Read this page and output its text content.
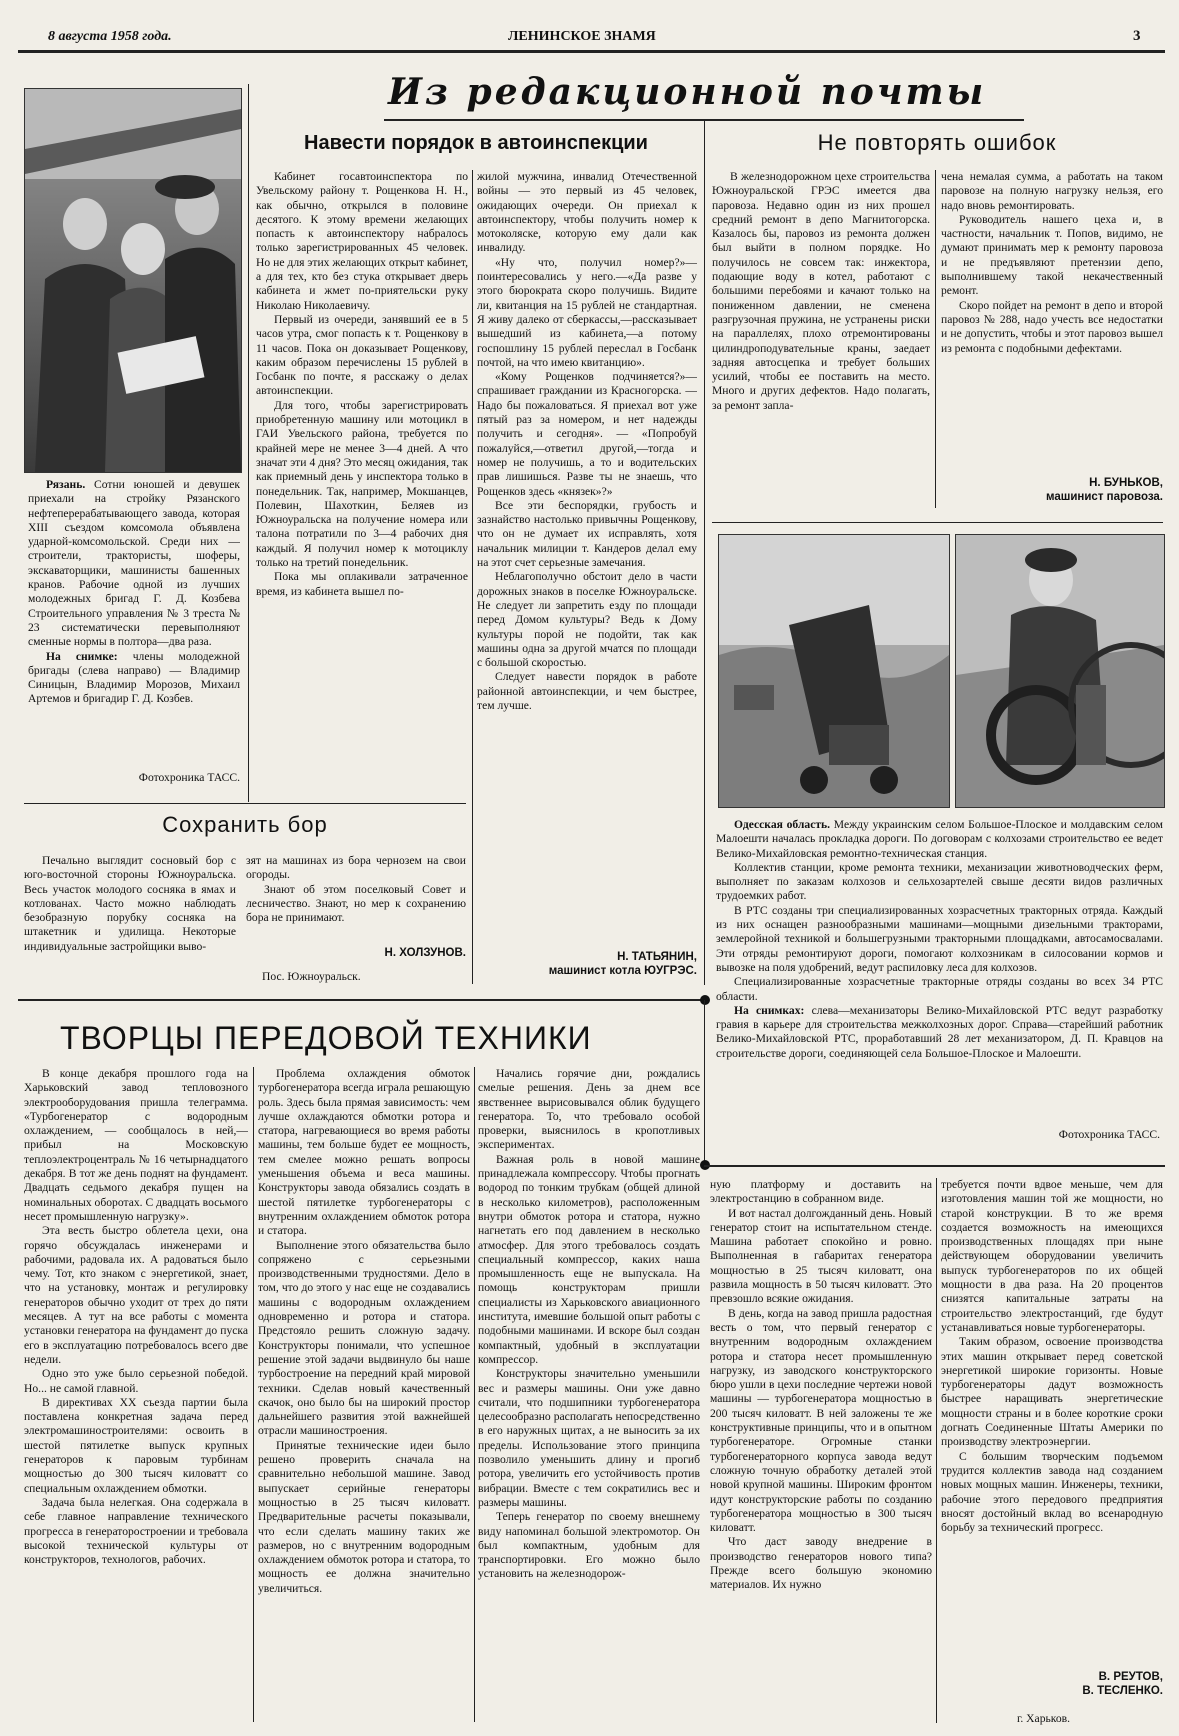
8 августа 1958 года.	ЛЕНИНСКОЕ ЗНАМЯ	3
Из редакционной почты

Рязань. Сотни юношей и девушек приехали на стройку Рязанского нефтеперерабатывающего завода, которая XIII съездом комсомола объявлена ударной-комсомольской. Среди них — строители, трактористы, шоферы, экскаваторщики, машинисты башенных кранов. Рабочие одной из лучших молодежных бригад Г. Д. Козбева Строительного управления № 3 треста № 23 систематически перевыполняют сменные нормы в полтора—два раза.

На снимке: члены молодежной бригады (слева направо) — Владимир Синицын, Владимир Морозов, Михаил Артемов и бригадир Г. Д. Козбев.

Фотохроника ТАСС.
Навести порядок в автоинспекции

Кабинет госавтоинспектора по Увельскому району т. Рощенкова Н. Н., как обычно, открылся в половине десятого. К этому времени желающих попасть к автоинспектору набралось только зарегистрированных 45 человек. Но не для этих желающих открыт кабинет, а для тех, кто без стука открывает дверь кабинета и жмет по-приятельски руку Николаю Николаевичу.

Первый из очереди, занявший ее в 5 часов утра, смог попасть к т. Рощенкову в 11 часов. Пока он доказывает Рощенкову, каким образом перечислены 15 рублей в Госбанк по почте, я расскажу о делах автоинспекции.

Для того, чтобы зарегистрировать приобретенную машину или мотоцикл в ГАИ Увельского района, требуется по крайней мере не менее 3—4 дней. А что значат эти 4 дня? Это месяц ожидания, так как приемный день у инспектора только в понедельник. Так, например, Мокшанцев, Полевин, Шахоткин, Беляев из Южноуральска на получение номера или талона потратили по 3—4 рабочих дня каждый. Я получил номер к мотоциклу только на третий понедельник.

Пока мы оплакивали затраченное время, из кабинета вышел по-

жилой мужчина, инвалид Отечественной войны — это первый из 45 человек, ожидающих очереди. Он приехал к автоинспектору, чтобы получить номер к мотоколяске, которую ему дали как инвалиду.

«Ну что, получил номер?»—поинтересовались у него.—«Да разве у этого бюрократа скоро получишь. Видите ли, квитанция на 15 рублей не стандартная. Я живу далеко от сберкассы,—рассказывает вышедший из кабинета,—а потому госпошлину 15 рублей переслал в Госбанк почтой, на что имею квитанцию».

«Кому Рощенков подчиняется?»—спрашивает граждании из Красногорска. — Надо бы пожаловаться. Я приехал вот уже пятый раз за номером, и нет надежды получить и сегодня». — «Попробуй пожалуйся,—ответил другой,—тогда и номер не получишь, а то и водительских прав лишишься. Разве ты не знаешь, что Рощенков здесь «князек»?»

Все эти беспорядки, грубость и зазнайство настолько привычны Рощенкову, что он не думает их исправлять, хотя начальник милиции т. Кандеров делал ему на этот счет серьезные замечания.

Неблагополучно обстоит дело в части дорожных знаков в поселке Южноуральске. Не следует ли запретить езду по площади перед Домом культуры? Ведь к Дому культуры порой не подойти, так как машины одна за другой мчатся по площади с большой скоростью.

Следует навести порядок в работе районной автоинспекции, и чем быстрее, тем лучше.

Н. ТАТЬЯНИН,
машинист котла ЮУГРЭС.
Сохранить бор

Печально выглядит сосновый бор с юго-восточной стороны Южноуральска. Весь участок молодого сосняка в ямах и котлованах. Часто можно наблюдать безобразную порубку сосняка на штакетник и удилища. Некоторые индивидуальные застройщики выво-

зят на машинах из бора чернозем на свои огороды.

Знают об этом поселковый Совет и лесничество. Знают, но мер к сохранению бора не принимают.

Н. ХОЛЗУНОВ.
Пос. Южноуральск.
Не повторять ошибок

В железнодорожном цехе строительства Южноуральской ГРЭС имеется два паровоза. Недавно один из них прошел средний ремонт в депо Магнитогорска. Казалось бы, паровоз из ремонта должен был выйти в полном порядке. Но получилось не совсем так: инжектора, подающие воду в котел, работают с большими перебоями и качают только на пониженном давлении, не сменена разгрузочная пружина, не устранены риски на параллелях, плохо отремонтированы цилиндроподувательные краны, заедает задняя автосцепка и требует больших усилий, чтобы ее поставить на место. Много и других дефектов. Надо полагать, за ремонт запла-

чена немалая сумма, а работать на таком паровозе на полную нагрузку нельзя, его надо вновь ремонтировать.

Руководитель нашего цеха и, в частности, начальник т. Попов, видимо, не думают принимать мер к ремонту паровоза и не предъявляют претензии депо, выполнившему такой некачественный ремонт.

Скоро пойдет на ремонт в депо и второй паровоз № 288, надо учесть все недостатки и не допустить, чтобы и этот паровоз вышел из ремонта с подобными дефектами.

Н. БУНЬКОВ,
машинист паровоза.

Одесская область. Между украинским селом Большое-Плоское и молдавским селом Малоешти началась прокладка дороги. По договорам с колхозами строительство ее ведет Велико-Михайловская ремонтно-техническая станция.

Коллектив станции, кроме ремонта техники, механизации животноводческих ферм, выполняет по заказам колхозов и сельхозартелей свыше десяти видов различных трудоемких работ.

В РТС созданы три специализированных хозрасчетных тракторных отряда. Каждый из них оснащен разнообразными машинами—мощными дизельными тракторами, землеройной техникой и большегрузными тракторными площадками, автосамосвалами. Эти отряды ремонтируют дороги, помогают колхозникам в силосовании кормов и вывозке на поля удобрений, ведут распиловку леса для колхозов.

Специализированные хозрасчетные тракторные отряды созданы во всех 34 РТС области.

На снимках: слева—механизаторы Велико-Михайловской РТС ведут разработку гравия в карьере для строительства межколхозных дорог. Справа—старейший работник Велико-Михайловской РТС, проработавший 28 лет механизатором, Д. П. Кравцов на строительстве дороги, соединяющей села Большое-Плоское и Малоешти.

Фотохроника ТАСС.
ТВОРЦЫ ПЕРЕДОВОЙ ТЕХНИКИ

В конце декабря прошлого года на Харьковский завод тепловозного электрооборудования пришла телеграмма. «Турбогенератор с водородным охлаждением, — сообщалось в ней,— прибыл на Московскую теплоэлектроцентраль № 16 четырнадцатого декабря. В тот же день поднят на фундамент. Двадцать седьмого декабря пущен на номинальных оборотах. С двадцать восьмого несет промышленную нагрузку».

Эта весть быстро облетела цехи, она горячо обсуждалась инженерами и рабочими, радовала их. А радоваться было чему. Тот, кто знаком с энергетикой, знает, что на установку, монтаж и регулировку генераторов обычно уходит от трех до пяти месяцев. А тут на все работы с момента установки генератора на фундамент до пуска его в эксплуатацию потребовалось всего две недели.

Одно это уже было серьезной победой. Но... не самой главной.

В директивах XX съезда партии была поставлена конкретная задача перед электромашиностроителями: освоить в шестой пятилетке выпуск крупных генераторов к паровым турбинам мощностью до 300 тысяч киловатт со специальным охлаждением обмотки.

Задача была нелегкая. Она содержала в себе главное направление технического прогресса в генераторостроении и требовала высокой технической культуры от конструкторов, технологов, рабочих.

Проблема охлаждения обмоток турбогенератора всегда играла решающую роль. Здесь была прямая зависимость: чем лучше охлаждаются обмотки ротора и статора, нагревающиеся во время работы машины, тем больше будет ее мощность, тем смелее можно решать вопросы уменьшения объема и веса машины. Конструкторы завода обязались создать в шестой пятилетке турбогенераторы с внутренним охлаждением обмоток ротора и статора.

Выполнение этого обязательства было сопряжено с серьезными производственными трудностями. Дело в том, что до этого у нас еще не создавались машины с водородным охлаждением одновременно и ротора и статора. Предстояло решить сложную задачу. Конструкторы понимали, что успешное решение этой задачи выдвинуло бы наше турбостроение на передний край мировой техники. Сделав новый качественный скачок, оно было бы на широкий простор дальнейшего развития этой важнейшей отрасли машиностроения.

Принятые технические идеи было решено проверить сначала на сравнительно небольшой машине. Завод выпускает серийные генераторы мощностью в 25 тысяч киловатт. Предварительные расчеты показывали, что если сделать машину таких же размеров, но с внутренним водородным охлаждением обмоток ротора и статора, то мощность ее должна значительно увеличиться.

Начались горячие дни, рождались смелые решения. День за днем все явственнее вырисовывался облик будущего генератора. То, что требовало особой проверки, выяснилось в кропотливых экспериментах.

Важная роль в новой машине принадлежала компрессору. Чтобы прогнать водород по тонким трубкам (общей длиной в несколько километров), расположенным внутри обмоток ротора и статора, нужно нагнетать его под давлением в несколько атмосфер. Для этого требовалось создать специальный компрессор, каких наша промышленность еще не выпускала. На помощь конструкторам пришли специалисты из Харьковского авиационного института, имевшие большой опыт работы с подобными машинами. И вскоре был создан компактный, удобный в эксплуатации компрессор.

Конструкторы значительно уменьшили вес и размеры машины. Они уже давно считали, что подшипники турбогенератора целесообразно располагать непосредственно в его наружных щитах, а не выносить за их пределы. Использование этого принципа позволило уменьшить длину и прогиб ротора, увеличить его устойчивость против вибрации. Вместе с тем сократились вес и размеры машины.

Теперь генератор по своему внешнему виду напоминал большой электромотор. Он был компактным, удобным для транспортировки. Его можно было установить на железнодорож-

ную платформу и доставить на электростанцию в собранном виде.

И вот настал долгожданный день. Новый генератор стоит на испытательном стенде. Машина работает спокойно и ровно. Выполненная в габаритах генератора мощностью в 25 тысяч киловатт, она развила мощность в 50 тысяч киловатт. Это превзошло всякие ожидания.

В день, когда на завод пришла радостная весть о том, что первый генератор с внутренним водородным охлаждением ротора и статора несет промышленную нагрузку, из заводского конструкторского бюро ушли в цехи последние чертежи новой машины — турбогенератора мощностью в 200 тысяч киловатт. В ней заложены те же конструктивные принципы, что и в опытном турбогенераторе. Огромные станки турбогенераторного корпуса завода ведут сложную точную обработку деталей этой новой крупной машины. Широким фронтом идут конструкторские работы по созданию турбогенератора мощностью в 300 тысяч киловатт.

Что даст заводу внедрение в производство генераторов нового типа? Прежде всего большую экономию материалов. Их нужно

требуется почти вдвое меньше, чем для изготовления машин той же мощности, но старой конструкции. В то же время создается возможность на имеющихся производственных площадях при ныне действующем оборудовании увеличить выпуск турбогенераторов по их общей мощности в два раза. На 20 процентов снизятся капитальные затраты на строительство электростанций, где будут устанавливаться новые турбогенераторы.

Таким образом, освоение производства этих машин открывает перед советской энергетикой широкие горизонты. Новые турбогенераторы дадут возможность быстрее наращивать энергетические мощности страны и в более короткие сроки догнать Соединенные Штаты Америки по производству электроэнергии.

С большим творческим подъемом трудится коллектив завода над созданием новых мощных машин. Инженеры, техники, рабочие этого передового предприятия вносят достойный вклад во всенародную борьбу за технический прогресс.

В. РЕУТОВ,
В. ТЕСЛЕНКО.
г. Харьков.
